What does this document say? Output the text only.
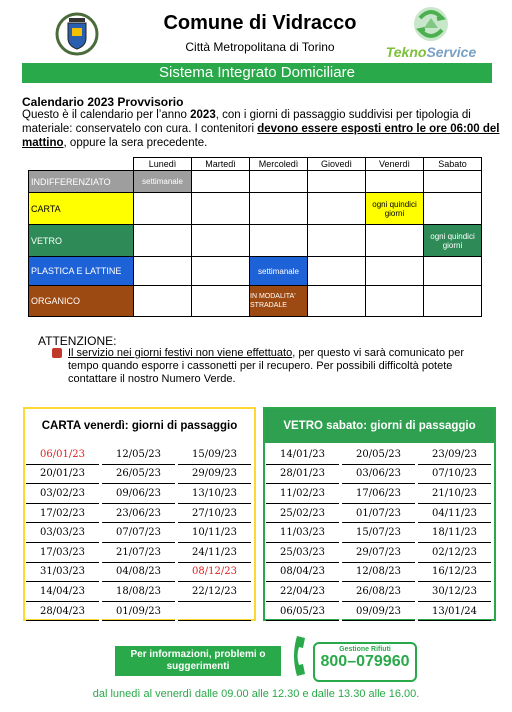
Comune di Vidracco
Città Metropolitana di Torino	TeknoService
Sistema Integrato Domiciliare
Calendario 2023 Provvisorio
Questo è il calendario per l’anno 2023, con i giorni di passaggio suddivisi per tipologia di materiale: conservatelo con cura. I contenitori devono essere esposti entro le ore 06:00 del mattino, oppure la sera precedente.
	Lunedì	Martedì	Mercoledì	Giovedì	Venerdì	Sabato
INDIFFERENZIATO	settimanale					
CARTA					ogni quindici giorni	
VETRO						ogni quindici giorni
PLASTICA E LATTINE			settimanale			
ORGANICO			IN MODALITA' STRADALE			
ATTENZIONE:
Il servizio nei giorni festivi non viene effettuato, per questo vi sarà comunicato per tempo quando esporre i cassonetti per il recupero. Per possibili difficoltà potete contattare il nostro Numero Verde.
CARTA venerdì: giorni di passaggio
06/01/23	12/05/23	15/09/23
20/01/23	26/05/23	29/09/23
03/02/23	09/06/23	13/10/23
17/02/23	23/06/23	27/10/23
03/03/23	07/07/23	10/11/23
17/03/23	21/07/23	24/11/23
31/03/23	04/08/23	08/12/23
14/04/23	18/08/23	22/12/23
28/04/23	01/09/23	
VETRO sabato: giorni di passaggio
14/01/23	20/05/23	23/09/23
28/01/23	03/06/23	07/10/23
11/02/23	17/06/23	21/10/23
25/02/23	01/07/23	04/11/23
11/03/23	15/07/23	18/11/23
25/03/23	29/07/23	02/12/23
08/04/23	12/08/23	16/12/23
22/04/23	26/08/23	30/12/23
06/05/23	09/09/23	13/01/24
Per informazioni, problemi o suggerimenti
Gestione Rifiuti
800–079960
dal lunedì al venerdì dalle 09.00 alle 12.30 e dalle 13.30 alle 16.00.
